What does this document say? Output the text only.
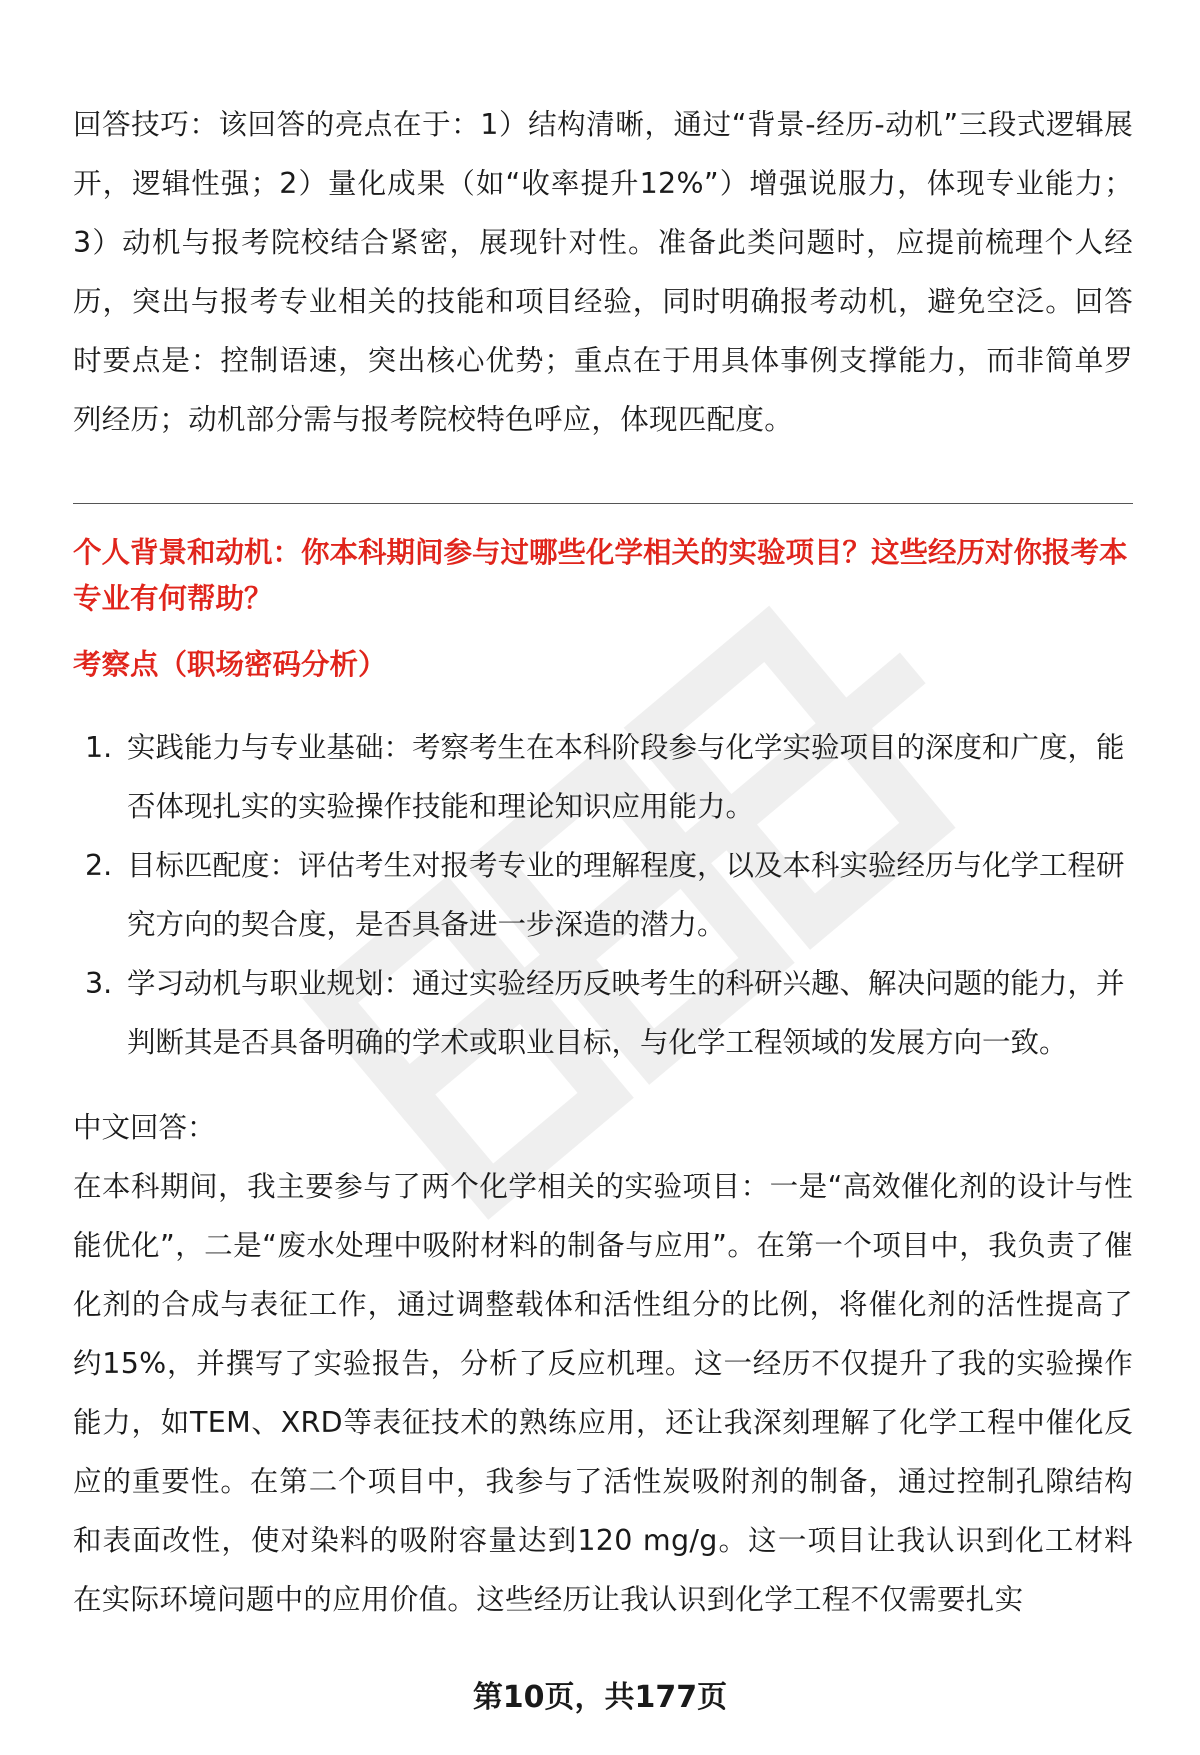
回答技巧：该回答的亮点在于：1）结构清晰，通过“背景-经历-动机”三段式逻辑展开，逻辑性强；2）量化成果（如“收率提升12%”）增强说服力，体现专业能力；3）动机与报考院校结合紧密，展现针对性。准备此类问题时，应提前梳理个人经历，突出与报考专业相关的技能和项目经验，同时明确报考动机，避免空泛。回答时要点是：控制语速，突出核心优势；重点在于用具体事例支撑能力，而非简单罗列经历；动机部分需与报考院校特色呼应，体现匹配度。

个人背景和动机：你本科期间参与过哪些化学相关的实验项目？这些经历对你报考本专业有何帮助？
考察点（职场密码分析）
1. 实践能力与专业基础：考察考生在本科阶段参与化学实验项目的深度和广度，能否体现扎实的实验操作技能和理论知识应用能力。
2. 目标匹配度：评估考生对报考专业的理解程度，以及本科实验经历与化学工程研究方向的契合度，是否具备进一步深造的潜力。
3. 学习动机与职业规划：通过实验经历反映考生的科研兴趣、解决问题的能力，并判断其是否具备明确的学术或职业目标，与化学工程领域的发展方向一致。
中文回答：

在本科期间，我主要参与了两个化学相关的实验项目：一是“高效催化剂的设计与性能优化”，二是“废水处理中吸附材料的制备与应用”。在第一个项目中，我负责了催化剂的合成与表征工作，通过调整载体和活性组分的比例，将催化剂的活性提高了约15%，并撰写了实验报告，分析了反应机理。这一经历不仅提升了我的实验操作能力，如TEM、XRD等表征技术的熟练应用，还让我深刻理解了化学工程中催化反应的重要性。在第二个项目中，我参与了活性炭吸附剂的制备，通过控制孔隙结构和表面改性，使对染料的吸附容量达到120 mg/g。这一项目让我认识到化工材料在实际环境问题中的应用价值。这些经历让我认识到化学工程不仅需要扎实

第10页，共177页
